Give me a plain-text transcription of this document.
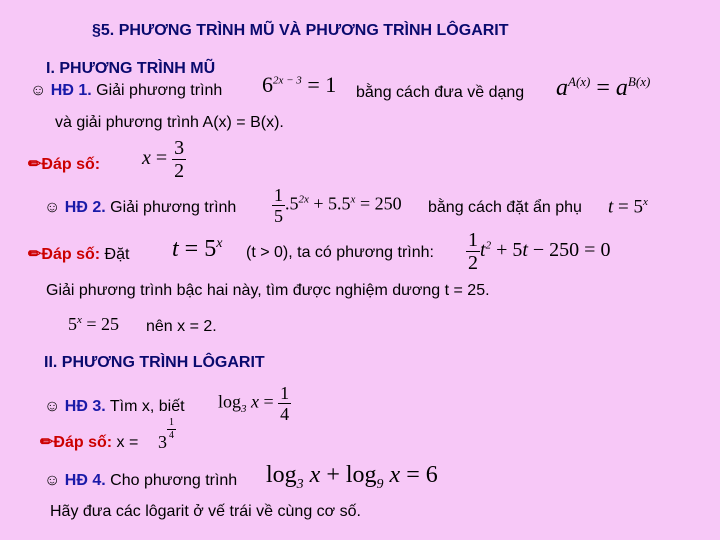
§5. PHƯƠNG TRÌNH MŨ VÀ PHƯƠNG TRÌNH LÔGARIT
I. PHƯƠNG TRÌNH MŨ
☺ HĐ 1. Giải phương trình $6^{2x - 3} = 1$ bằng cách đưa về dạng $a^{A(x)} = a^{B(x)}$
và giải phương trình A(x) = B(x).
✏Đáp số: $x = \frac{3}{2}$
☺ HĐ 2. Giải phương trình $\frac{1}{5} .5^{2x} + 5.5^x = 250$ bằng cách đặt ẩn phụ $t = 5^x$
✏Đáp số: Đặt $t = 5^x$
(t > 0), ta có phương trình: $\frac{1}{2} t^2 + 5t - 250 = 0$
Giải phương trình bậc hai này, tìm được nghiệm dương t = 25.
$5^x = 25$ nên x = 2.
II. PHƯƠNG TRÌNH LÔGARIT
☺ HĐ 3. Tìm x, biết $\log_3 x = \frac{1}{4}$
✏Đáp số: x = 3
$\frac{1}{4}$
☺ HĐ 4. Cho phương trình $\log_3 x + \log_9 x = 6$
Hãy đưa các lôgarit ở vế trái về cùng cơ số.
